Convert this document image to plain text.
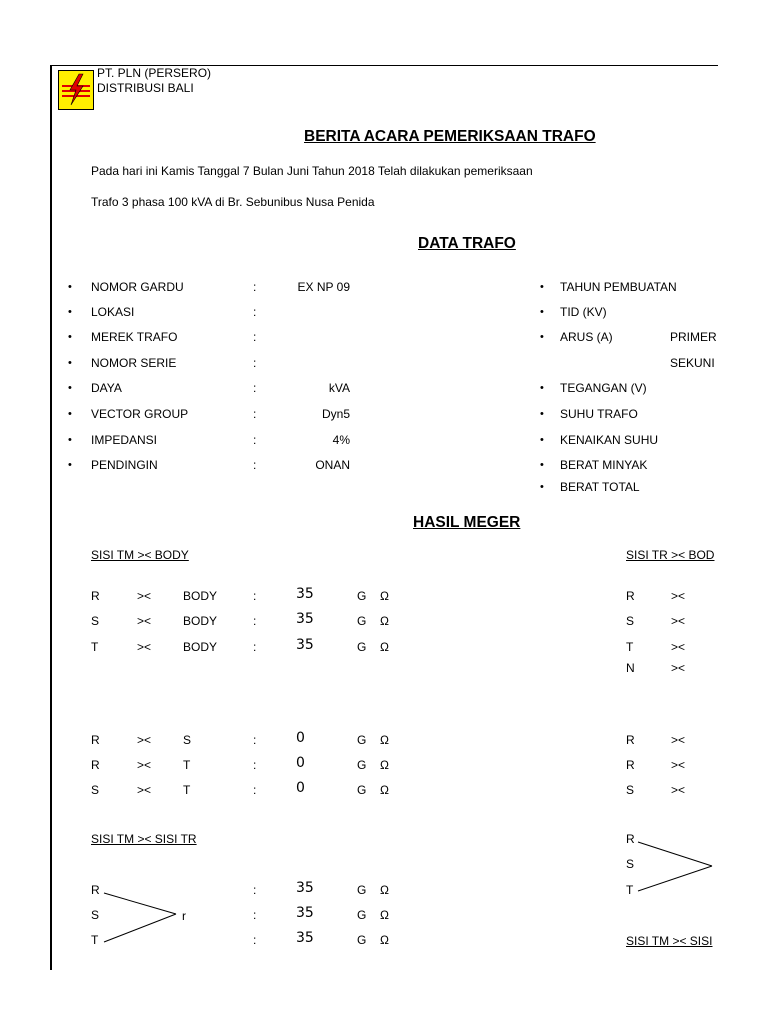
PT. PLN (PERSERO)
DISTRIBUSI BALI
BERITA ACARA PEMERIKSAAN TRAFO
Pada hari ini Kamis Tanggal 7 Bulan Juni Tahun 2018 Telah dilakukan pemeriksaan
Trafo 3 phasa 100 kVA di Br. Sebunibus Nusa Penida
DATA TRAFO
• NOMOR GARDU	:	EX NP 09
• LOKASI	:
• MEREK TRAFO	:
• NOMOR SERIE	:
• DAYA	:	kVA
• VECTOR GROUP	:	Dyn5
• IMPEDANSI	:	4%
• PENDINGIN	:	ONAN
• TAHUN PEMBUATAN
• TID (KV)
• ARUS (A)	PRIMER
SEKUNI
• TEGANGAN (V)
• SUHU TRAFO
• KENAIKAN SUHU
• BERAT MINYAK
• BERAT TOTAL
HASIL MEGER
SISI TM >< BODY	SISI TR >< BOD
R	><	BODY	:	35	G Ω
S	><	BODY	:	35	G Ω
T	><	BODY	:	35	G Ω
R	><	S	:	0	G Ω
R	><	T	:	0	G Ω
S	><	T	:	0	G Ω
R	:	35	G Ω
S	:	35	G Ω
T	:	35	G Ω
r
R	><
S	><
T	><
N	><
R	><
R	><
S	><
R
S
T
SISI TM >< SISI TR
SISI TM >< SISI
